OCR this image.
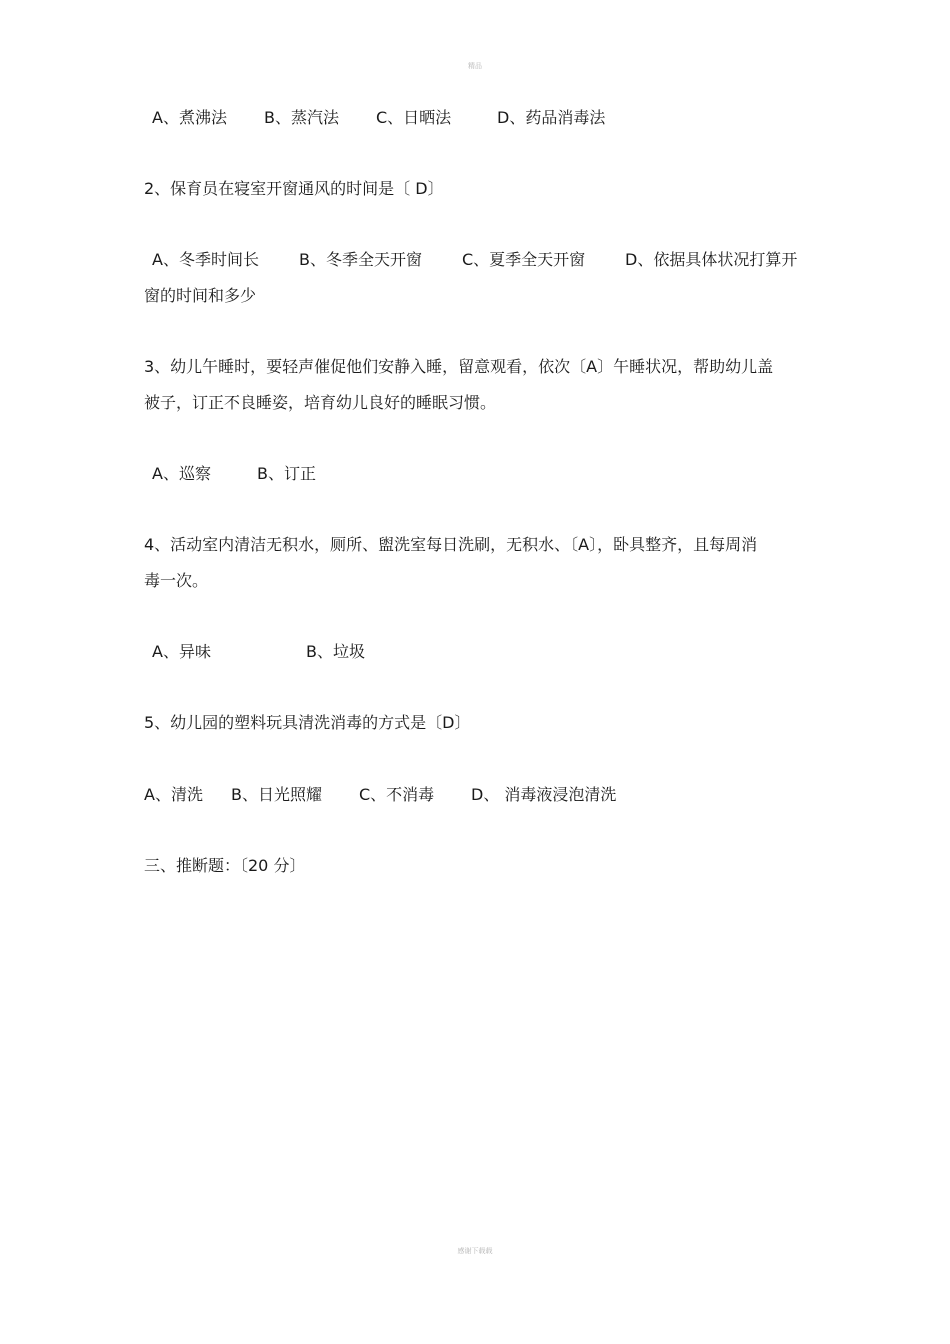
精品
A、煮沸法 B、蒸汽法 C、日晒法	D、药品消毒法
2、保育员在寝室开窗通风的时间是〔 D〕
A、冬季时间长	B、冬季全天开窗	C、夏季全天开窗 D、依据具体状况打算开
窗的时间和多少
3、幼儿午睡时，要轻声催促他们安静入睡，留意观看，依次〔A〕午睡状况，帮助幼儿盖
被子，订正不良睡姿，培育幼儿良好的睡眠习惯。
A、巡察	B、订正
4、活动室内清洁无积水，厕所、盥洗室每日洗刷，无积水、〔A〕，卧具整齐，且每周消
毒一次。
A、异味	B、垃圾
5、幼儿园的塑料玩具清洗消毒的方式是〔D〕
A、清洗 B、日光照耀 C、不消毒 D、 消毒液浸泡清洗
三、推断题：〔20 分〕
感谢下载载
